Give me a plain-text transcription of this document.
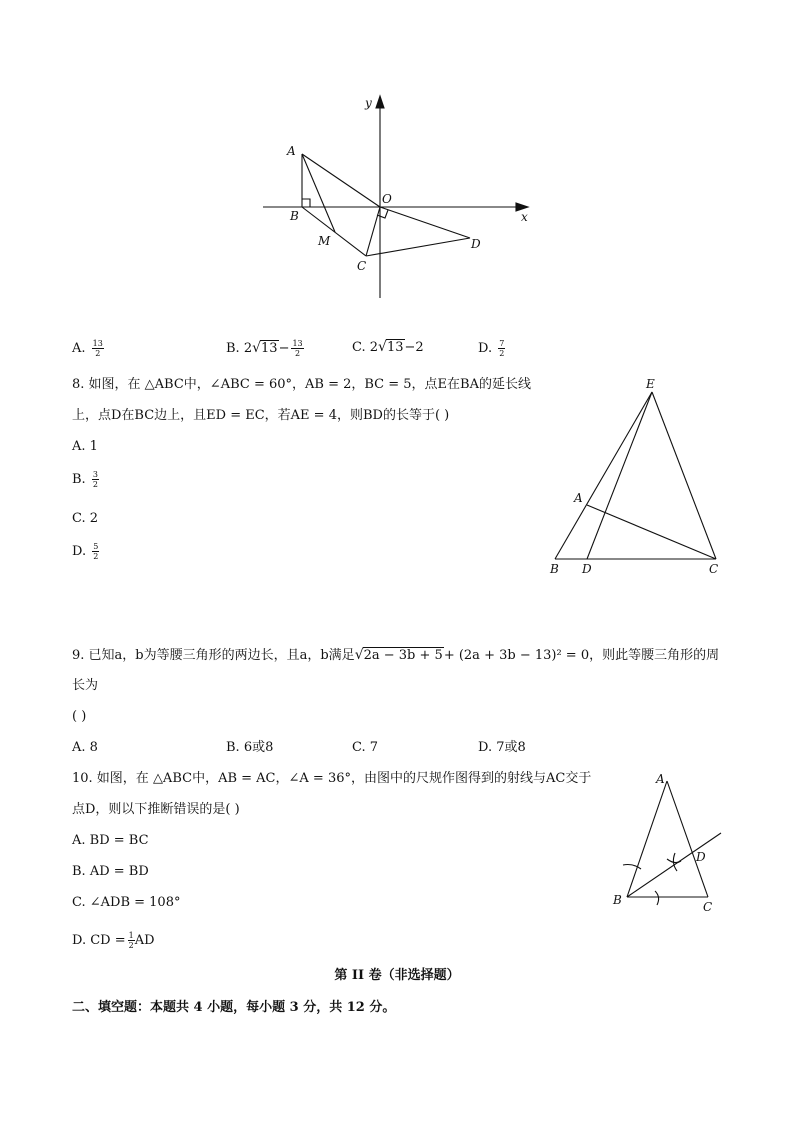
y
x
A
O
B
M
C
D
A. $\frac{13}{2}$	B. $2√13- \frac{13}{2}$	C. 2√13−2	D. $\frac{7}{2}$
8. 如图，在 △ABC中，∠ABC = 60°，AB = 2，BC = 5，点E在BA的延长线
上，点D在BC边上，且ED = EC，若AE = 4，则BD的长等于( )
A. 1
B. $\frac{3}{2}$
C. 2
D. $\frac{5}{2}$
E
A
B D	C
9. 已知a，b为等腰三角形的两边长，且a，b满足√2a − 3b + 5+ (2a + 3b − 13)² = 0，则此等腰三角形的周
长为
( )
A. 8	B. 6或8	C. 7	D. 7或8
10. 如图，在 △ABC中，AB = AC，∠A = 36°，由图中的尺规作图得到的射线与AC交于
点D，则以下推断错误的是( )
A. BD = BC
B. AD = BD
C. ∠ADB = 108°
D. CD = $\frac{1}{2}$ AD
A
D
B	C
第 II 卷（非选择题）
二、填空题：本题共 4 小题，每小题 3 分，共 12 分。
